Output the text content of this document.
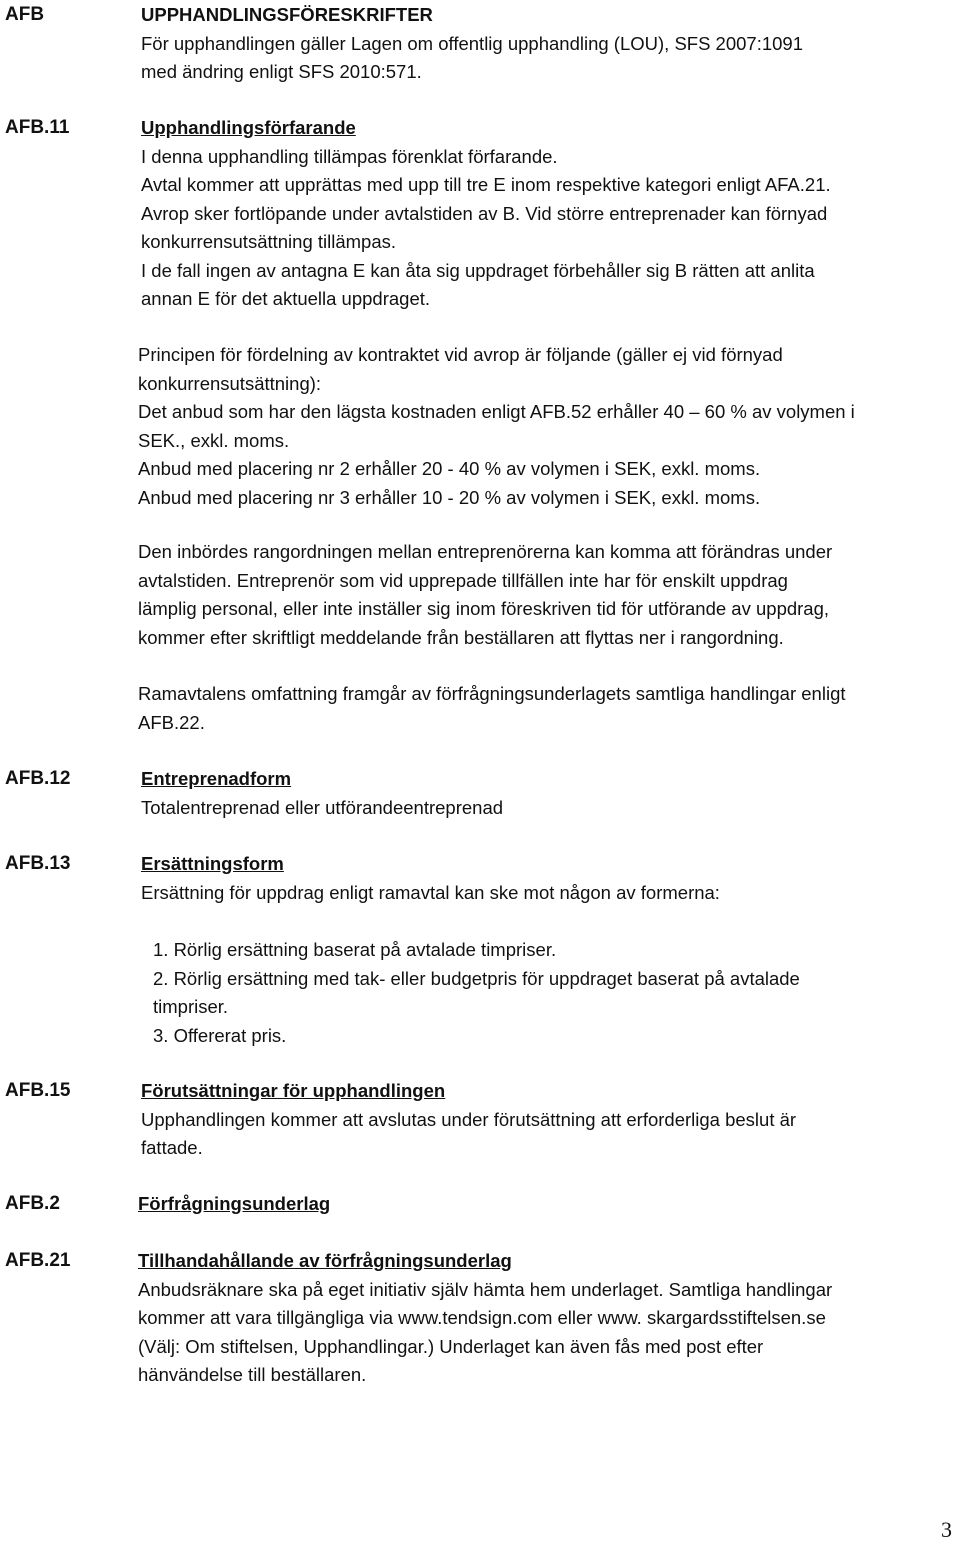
AFB	UPPHANDLINGSFÖRESKRIFTER
För upphandlingen gäller Lagen om offentlig upphandling (LOU), SFS 2007:1091
med ändring enligt SFS 2010:571.
AFB.11	Upphandlingsförfarande
I denna upphandling tillämpas förenklat förfarande.
Avtal kommer att upprättas med upp till tre E inom respektive kategori enligt AFA.21.
Avrop sker fortlöpande under avtalstiden av B. Vid större entreprenader kan förnyad
konkurrensutsättning tillämpas.
I de fall ingen av antagna E kan åta sig uppdraget förbehåller sig B rätten att anlita
annan E för det aktuella uppdraget.
Principen för fördelning av kontraktet vid avrop är följande (gäller ej vid förnyad
konkurrensutsättning):
Det anbud som har den lägsta kostnaden enligt AFB.52 erhåller 40 – 60 % av volymen i
SEK., exkl. moms.
Anbud med placering nr 2 erhåller 20 - 40 % av volymen i SEK, exkl. moms.
Anbud med placering nr 3 erhåller 10 - 20 % av volymen i SEK, exkl. moms.
Den inbördes rangordningen mellan entreprenörerna kan komma att förändras under
avtalstiden. Entreprenör som vid upprepade tillfällen inte har för enskilt uppdrag
lämplig personal, eller inte inställer sig inom föreskriven tid för utförande av uppdrag,
kommer efter skriftligt meddelande från beställaren att flyttas ner i rangordning.
Ramavtalens omfattning framgår av förfrågningsunderlagets samtliga handlingar enligt
AFB.22.
AFB.12	Entreprenadform
Totalentreprenad eller utförandeentreprenad
AFB.13	Ersättningsform
Ersättning för uppdrag enligt ramavtal kan ske mot någon av formerna:
1. Rörlig ersättning baserat på avtalade timpriser.
2. Rörlig ersättning med tak- eller budgetpris för uppdraget baserat på avtalade
timpriser.
3. Offererat pris.
AFB.15	Förutsättningar för upphandlingen
Upphandlingen kommer att avslutas under förutsättning att erforderliga beslut är
fattade.
AFB.2	Förfrågningsunderlag
AFB.21	Tillhandahållande av förfrågningsunderlag
Anbudsräknare ska på eget initiativ själv hämta hem underlaget. Samtliga handlingar
kommer att vara tillgängliga via www.tendsign.com eller www. skargardsstiftelsen.se
(Välj: Om stiftelsen, Upphandlingar.) Underlaget kan även fås med post efter
hänvändelse till beställaren.
3
